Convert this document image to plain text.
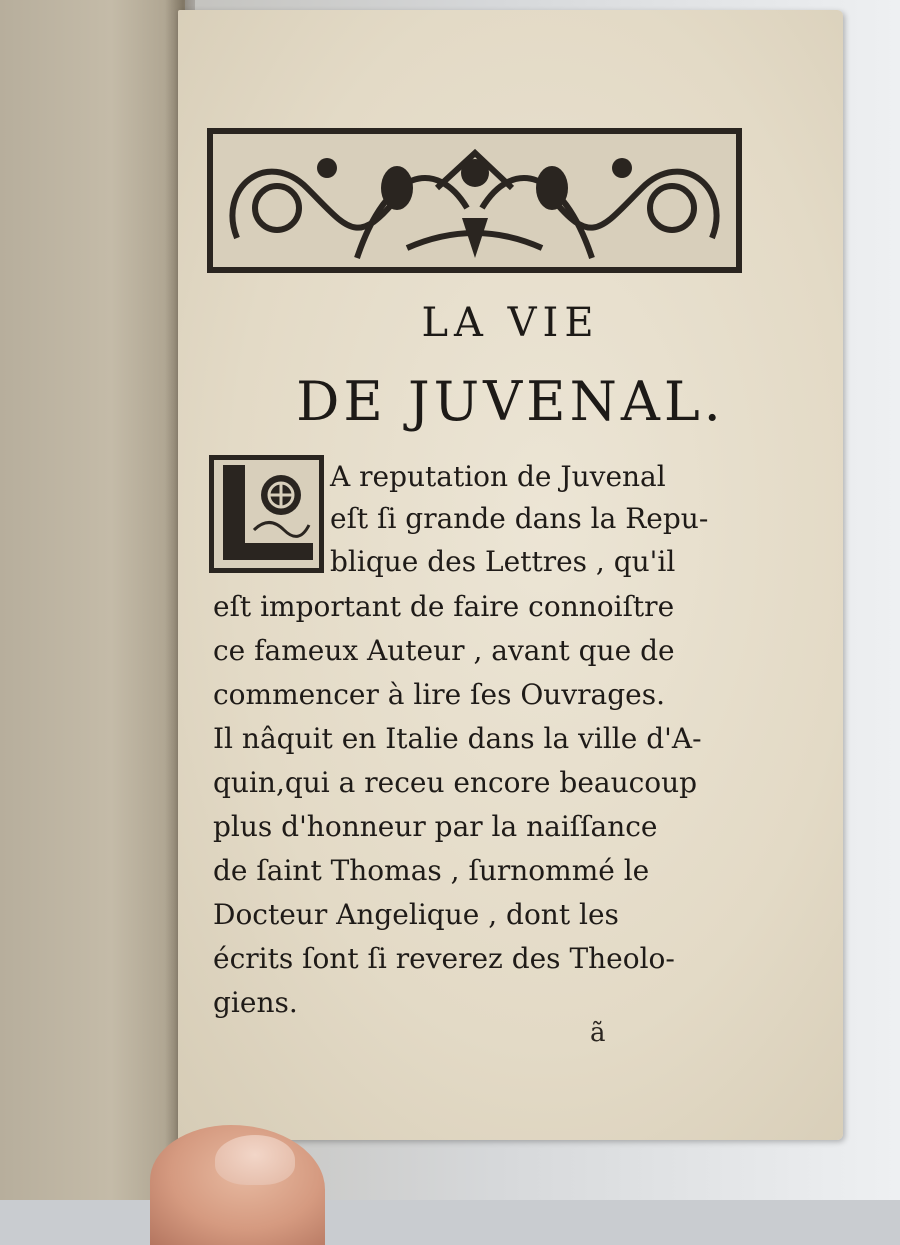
LA VIE
DE JUVENAL.
A reputation de Juvenal
eſt ſi grande dans la Repu-
blique des Lettres , qu'il
eſt important de faire connoiſtre
ce fameux Auteur , avant que de
commencer à lire ſes Ouvrages.
Il nâquit en Italie dans la ville d'A-
quin,qui a receu encore beaucoup
plus d'honneur par la naiſſance
de ſaint Thomas , ſurnommé le
Docteur Angelique , dont les
écrits ſont ſi reverez des Theolo-
giens.
ã
